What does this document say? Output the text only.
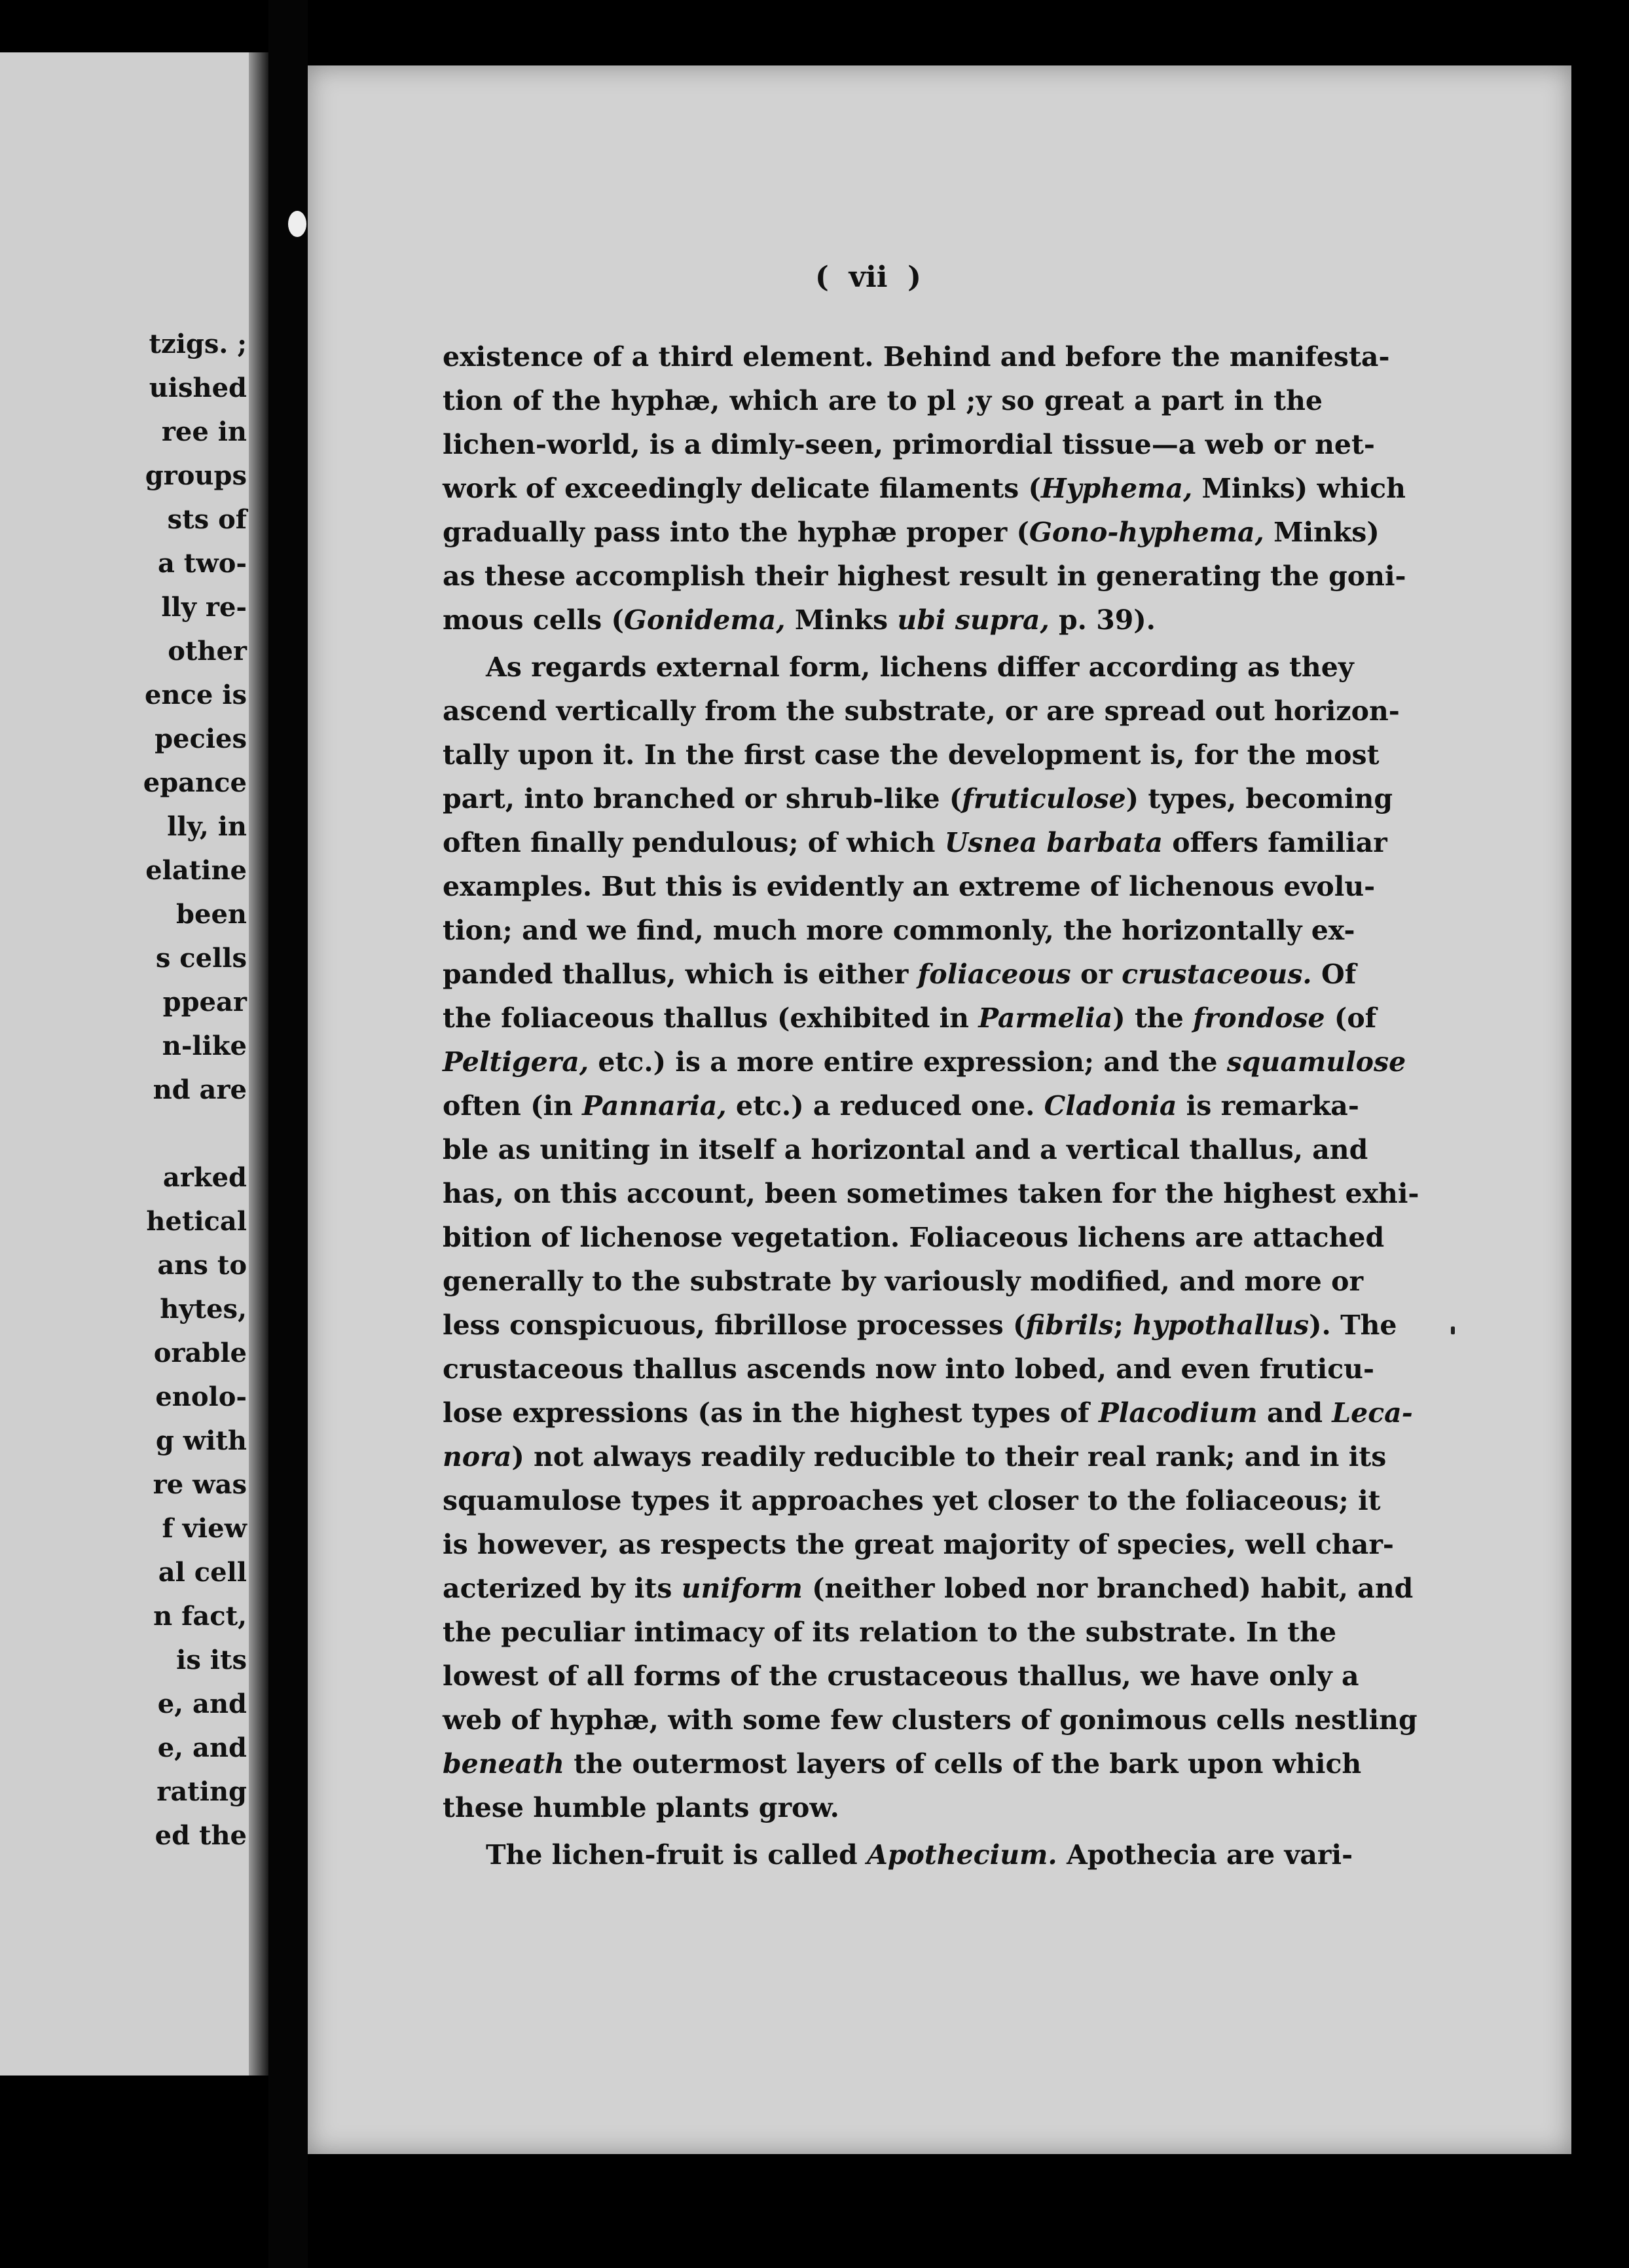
tzigs. ;
uished
ree in
groups
sts of
a two-
lly re-
other
ence is
pecies
epance
lly, in
elatine
been
s cells
ppear
n-like
nd are
arked
hetical
ans to
hytes,
orable
enolo-
g with
re was
f view
al cell
n fact,
is its
e, and
e, and
rating
ed the
(  vii  )
existence of a third element. Behind and before the manifesta-
tion of the hyphæ, which are to pl ;y so great a part in the
lichen-world, is a dimly-seen, primordial tissue—a web or net-
work of exceedingly delicate filaments (Hyphema, Minks) which
gradually pass into the hyphæ proper (Gono-hyphema, Minks)
as these accomplish their highest result in generating the goni-
mous cells (Gonidema, Minks ubi supra, p. 39).
As regards external form, lichens differ according as they
ascend vertically from the substrate, or are spread out horizon-
tally upon it. In the first case the development is, for the most
part, into branched or shrub-like (fruticulose) types, becoming
often finally pendulous; of which Usnea barbata offers familiar
examples. But this is evidently an extreme of lichenous evolu-
tion; and we find, much more commonly, the horizontally ex-
panded thallus, which is either foliaceous or crustaceous. Of
the foliaceous thallus (exhibited in Parmelia) the frondose (of
Peltigera, etc.) is a more entire expression; and the squamulose
often (in Pannaria, etc.) a reduced one. Cladonia is remarka-
ble as uniting in itself a horizontal and a vertical thallus, and
has, on this account, been sometimes taken for the highest exhi-
bition of lichenose vegetation. Foliaceous lichens are attached
generally to the substrate by variously modified, and more or
less conspicuous, fibrillose processes (fibrils; hypothallus). The
crustaceous thallus ascends now into lobed, and even fruticu-
lose expressions (as in the highest types of Placodium and Leca-
nora) not always readily reducible to their real rank; and in its
squamulose types it approaches yet closer to the foliaceous; it
is however, as respects the great majority of species, well char-
acterized by its uniform (neither lobed nor branched) habit, and
the peculiar intimacy of its relation to the substrate. In the
lowest of all forms of the crustaceous thallus, we have only a
web of hyphæ, with some few clusters of gonimous cells nestling
beneath the outermost layers of cells of the bark upon which
these humble plants grow.
The lichen-fruit is called Apothecium. Apothecia are vari-
